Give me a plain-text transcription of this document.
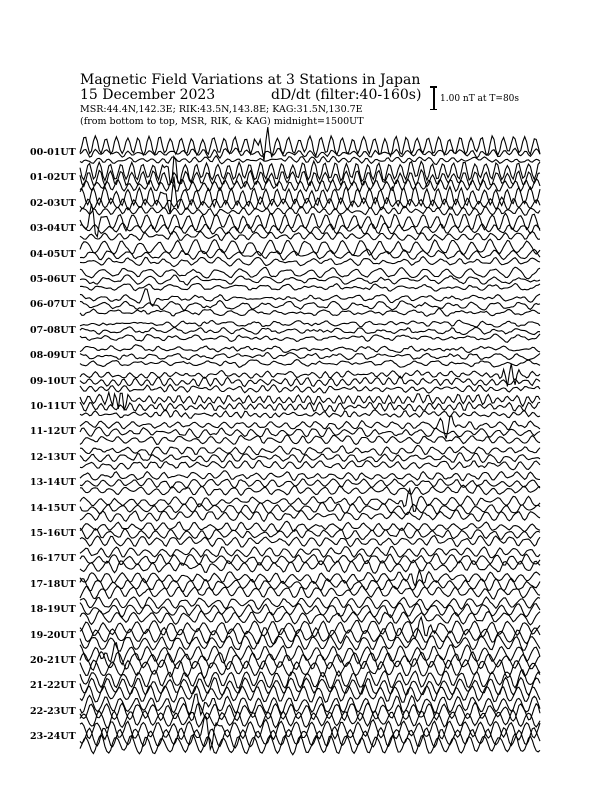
Magnetic Field Variations at 3 Stations in Japan
15 December 2023	dD/dt (filter:40-160s)
MSR:44.4N,142.3E; RIK:43.5N,143.8E; KAG:31.5N,130.7E
(from bottom to top, MSR, RIK, & KAG) midnight=1500UT
1.00 nT at T=80s
00-01UT
01-02UT
02-03UT
03-04UT
04-05UT
05-06UT
06-07UT
07-08UT
08-09UT
09-10UT
10-11UT
11-12UT
12-13UT
13-14UT
14-15UT
15-16UT
16-17UT
17-18UT
18-19UT
19-20UT
20-21UT
21-22UT
22-23UT
23-24UT
